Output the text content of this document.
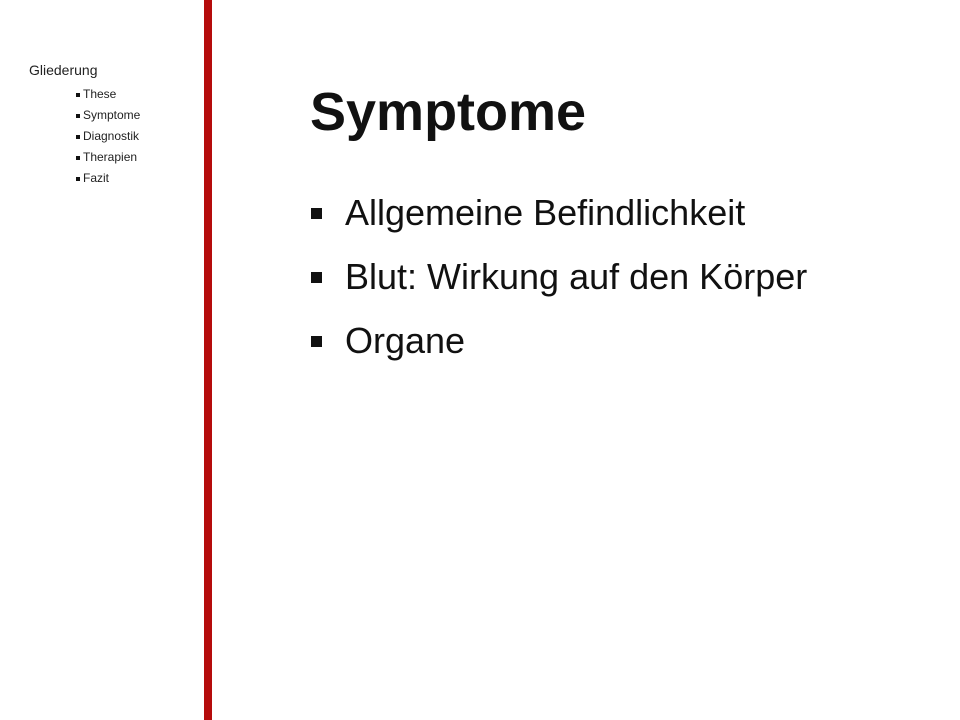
Gliederung
These
Symptome
Diagnostik
Therapien
Fazit
Symptome
Allgemeine Befindlichkeit
Blut: Wirkung auf den Körper
Organe
